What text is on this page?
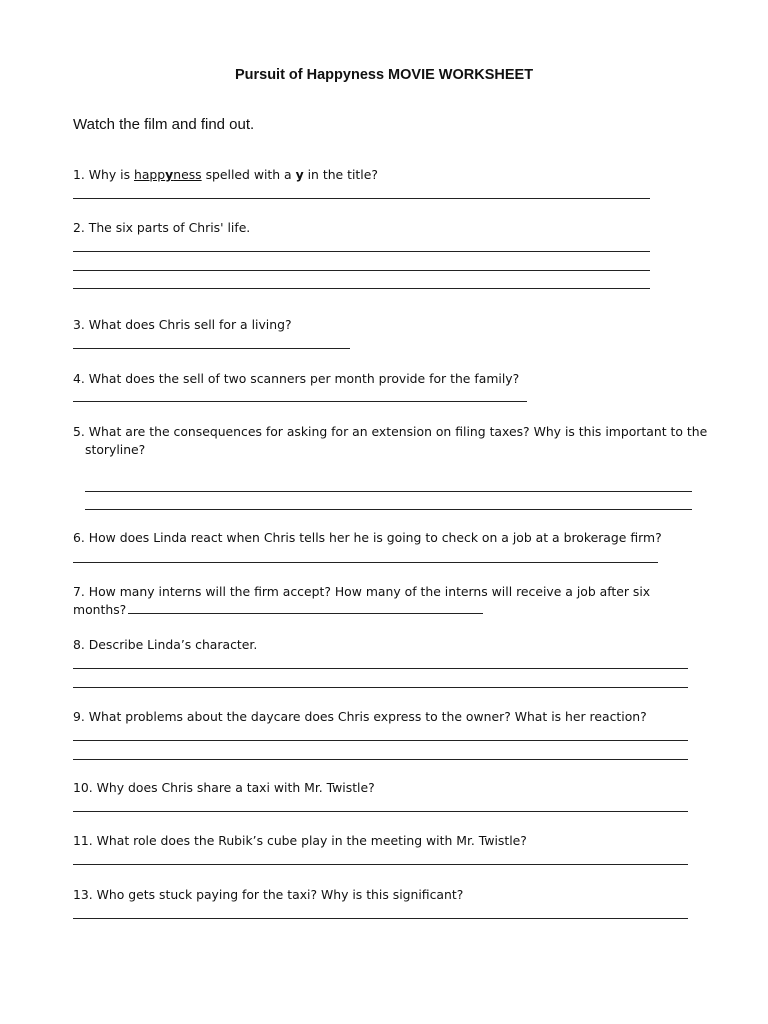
Pursuit of Happyness MOVIE WORKSHEET
Watch the film and find out.
1. Why is happyness spelled with a y in the title?
2. The six parts of Chris' life.
3. What does Chris sell for a living?
4. What does the sell of two scanners per month provide for the family?
5. What are the consequences for asking for an extension on filing taxes? Why is this important to the storyline?
6. How does Linda react when Chris tells her he is going to check on a job at a brokerage firm?
7. How many interns will the firm accept? How many of the interns will receive a job after six
months?
8. Describe Linda’s character.
9. What problems about the daycare does Chris express to the owner? What is her reaction?
10. Why does Chris share a taxi with Mr. Twistle?
11. What role does the Rubik’s cube play in the meeting with Mr. Twistle?
13. Who gets stuck paying for the taxi? Why is this significant?
